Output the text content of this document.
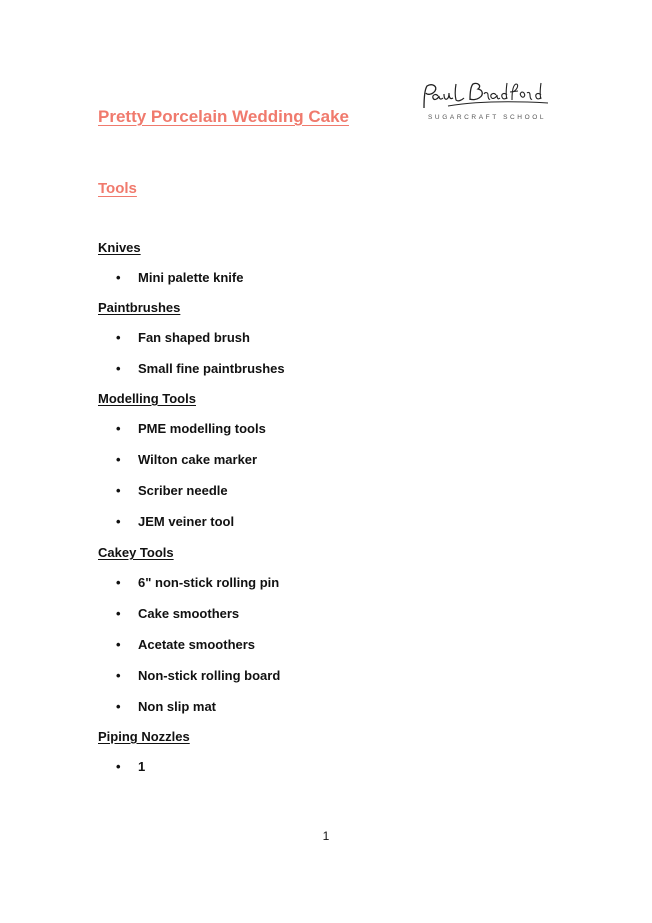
Pretty Porcelain Wedding Cake	SUGARCRAFT SCHOOL
Tools
Knives
• Mini palette knife
Paintbrushes
• Fan shaped brush
• Small fine paintbrushes
Modelling Tools
• PME modelling tools
• Wilton cake marker
• Scriber needle
• JEM veiner tool
Cakey Tools
• 6" non-stick rolling pin
• Cake smoothers
• Acetate smoothers
• Non-stick rolling board
• Non slip mat
Piping Nozzles
• 1
1
